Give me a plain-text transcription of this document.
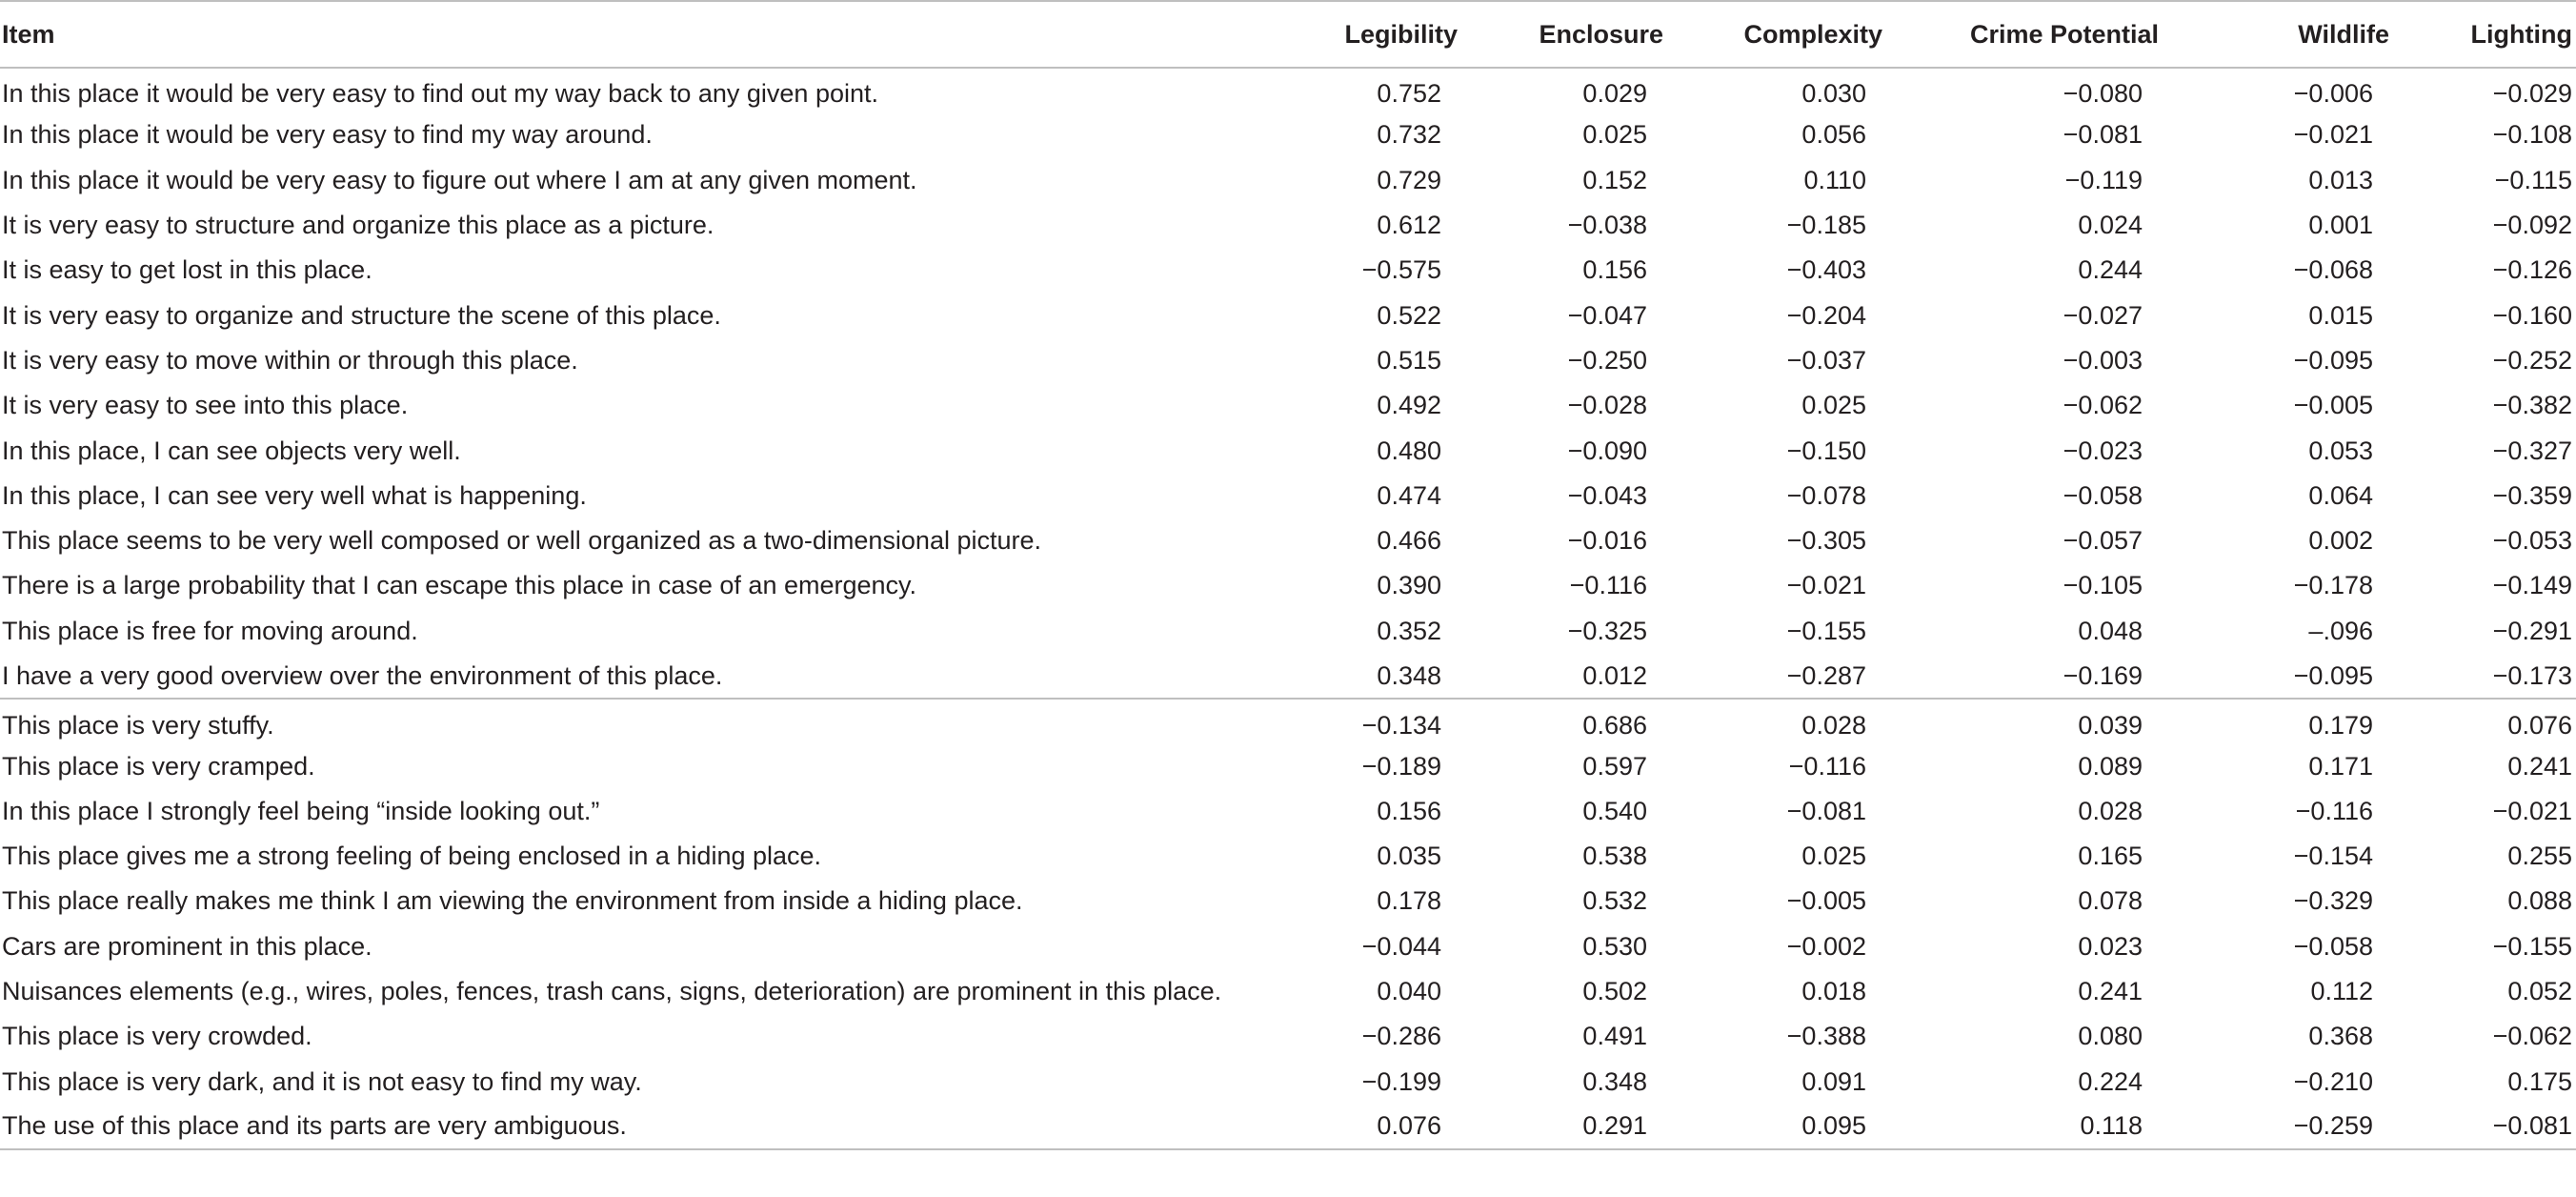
Item	Legibility	Enclosure	Complexity	Crime Potential	Wildlife	Lighting
In this place it would be very easy to find out my way back to any given point.	0.752	0.029	0.030	−0.080	−0.006	−0.029
In this place it would be very easy to find my way around.	0.732	0.025	0.056	−0.081	−0.021	−0.108
In this place it would be very easy to figure out where I am at any given moment.	0.729	0.152	0.110	−0.119	0.013	−0.115
It is very easy to structure and organize this place as a picture.	0.612	−0.038	−0.185	0.024	0.001	−0.092
It is easy to get lost in this place.	−0.575	0.156	−0.403	0.244	−0.068	−0.126
It is very easy to organize and structure the scene of this place.	0.522	−0.047	−0.204	−0.027	0.015	−0.160
It is very easy to move within or through this place.	0.515	−0.250	−0.037	−0.003	−0.095	−0.252
It is very easy to see into this place.	0.492	−0.028	0.025	−0.062	−0.005	−0.382
In this place, I can see objects very well.	0.480	−0.090	−0.150	−0.023	0.053	−0.327
In this place, I can see very well what is happening.	0.474	−0.043	−0.078	−0.058	0.064	−0.359
This place seems to be very well composed or well organized as a two-dimensional picture.	0.466	−0.016	−0.305	−0.057	0.002	−0.053
There is a large probability that I can escape this place in case of an emergency.	0.390	−0.116	−0.021	−0.105	−0.178	−0.149
This place is free for moving around.	0.352	−0.325	−0.155	0.048	–.096	−0.291
I have a very good overview over the environment of this place.	0.348	0.012	−0.287	−0.169	−0.095	−0.173
This place is very stuffy.	−0.134	0.686	0.028	0.039	0.179	0.076
This place is very cramped.	−0.189	0.597	−0.116	0.089	0.171	0.241
In this place I strongly feel being “inside looking out.”	0.156	0.540	−0.081	0.028	−0.116	−0.021
This place gives me a strong feeling of being enclosed in a hiding place.	0.035	0.538	0.025	0.165	−0.154	0.255
This place really makes me think I am viewing the environment from inside a hiding place.	0.178	0.532	−0.005	0.078	−0.329	0.088
Cars are prominent in this place.	−0.044	0.530	−0.002	0.023	−0.058	−0.155
Nuisances elements (e.g., wires, poles, fences, trash cans, signs, deterioration) are prominent in this place.	0.040	0.502	0.018	0.241	0.112	0.052
This place is very crowded.	−0.286	0.491	−0.388	0.080	0.368	−0.062
This place is very dark, and it is not easy to find my way.	−0.199	0.348	0.091	0.224	−0.210	0.175
The use of this place and its parts are very ambiguous.	0.076	0.291	0.095	0.118	−0.259	−0.081
